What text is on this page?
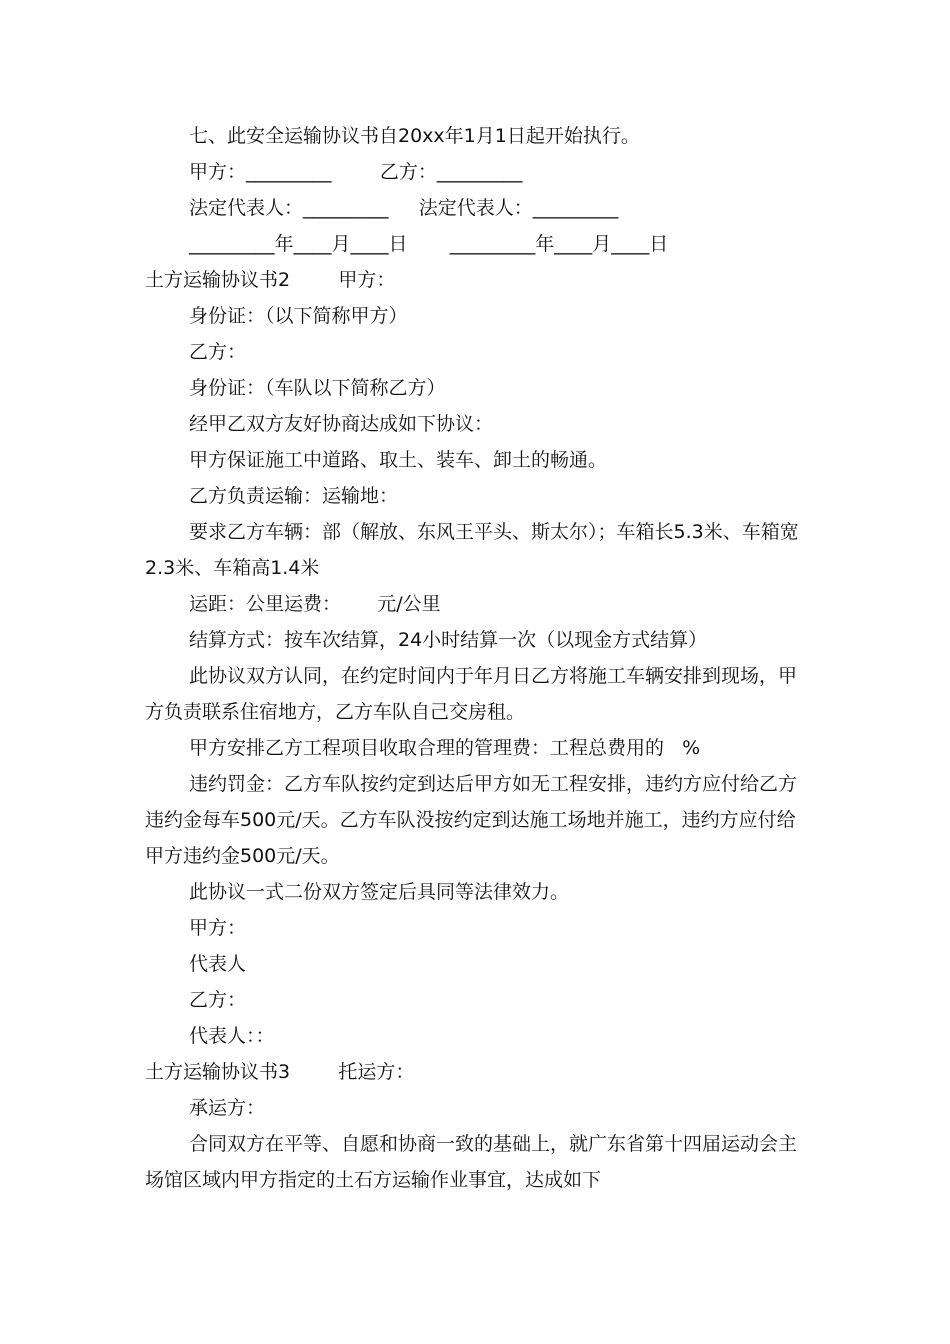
七、此安全运输协议书自20xx年1月1日起开始执行。

甲方：_________        乙方：_________

法定代表人：_________     法定代表人：_________

_________年____月____日       _________年____月____日

土方运输协议书2        甲方：

身份证：（以下简称甲方）

乙方：

身份证：（车队以下简称乙方）

经甲乙双方友好协商达成如下协议：

甲方保证施工中道路、取土、装车、卸土的畅通。

乙方负责运输：运输地：

要求乙方车辆：部（解放、东风王平头、斯太尔）；车箱长5.3米、车箱宽2.3米、车箱高1.4米

运距：公里运费：      元/公里

结算方式：按车次结算，24小时结算一次（以现金方式结算）

此协议双方认同，在约定时间内于年月日乙方将施工车辆安排到现场，甲方负责联系住宿地方，乙方车队自己交房租。

甲方安排乙方工程项目收取合理的管理费：工程总费用的   %

违约罚金：乙方车队按约定到达后甲方如无工程安排，违约方应付给乙方违约金每车500元/天。乙方车队没按约定到达施工场地并施工，违约方应付给甲方违约金500元/天。

此协议一式二份双方签定后具同等法律效力。

甲方：

代表人

乙方：

代表人：：

土方运输协议书3        托运方：

承运方：

合同双方在平等、自愿和协商一致的基础上，就广东省第十四届运动会主场馆区域内甲方指定的土石方运输作业事宜，达成如下
